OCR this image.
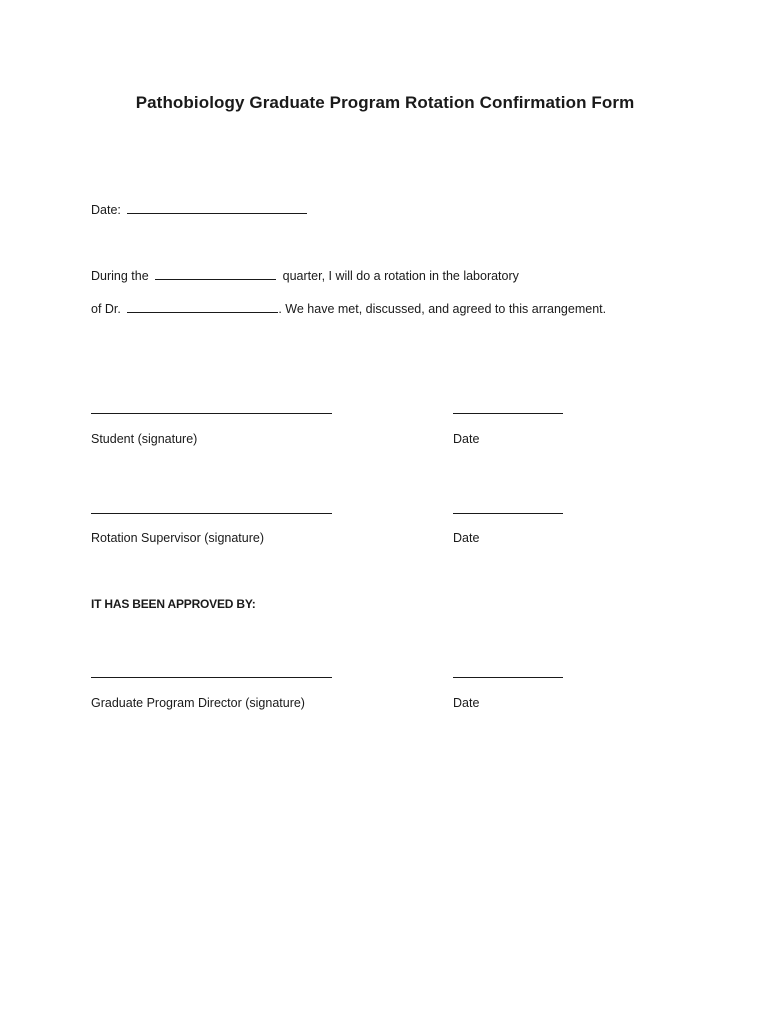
Pathobiology Graduate Program Rotation Confirmation Form
Date:
During the	quarter, I will do a rotation in the laboratory
of Dr.	. We have met, discussed, and agreed to this arrangement.
Student (signature)	Date
Rotation Supervisor (signature)	Date
IT HAS BEEN APPROVED BY:
Graduate Program Director (signature)	Date
